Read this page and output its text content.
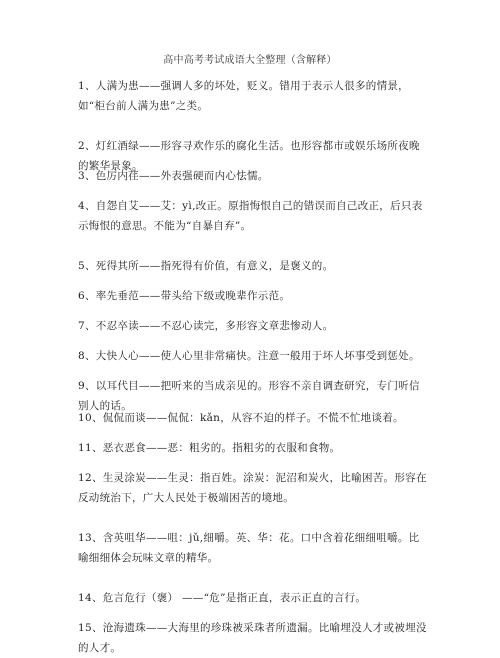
高中高考考试成语大全整理（含解释）

1、人满为患——强调人多的坏处，贬义。错用于表示人很多的情景，如“柜台前人满为患”之类。

2、灯红酒绿——形容寻欢作乐的腐化生活。也形容都市或娱乐场所夜晚的繁华景象。

3、色厉内荏——外表强硬而内心怯懦。

4、自怨自艾——艾：yì,改正。原指悔恨自己的错误而自己改正，后只表示悔恨的意思。不能为“自暴自弃”。

5、死得其所——指死得有价值，有意义，是褒义的。

6、率先垂范——带头给下级或晚辈作示范。

7、不忍卒读——不忍心读完，多形容文章悲惨动人。

8、大快人心——使人心里非常痛快。注意一般用于坏人坏事受到惩处。

9、以耳代目——把听来的当成亲见的。形容不亲自调查研究，专门听信别人的话。

10、侃侃而谈——侃侃：kǎn，从容不迫的样子。不慌不忙地谈着。

11、恶衣恶食——恶：粗劣的。指粗劣的衣服和食物。

12、生灵涂炭——生灵：指百姓。涂炭：泥沼和炭火，比喻困苦。形容在反动统治下，广大人民处于极端困苦的境地。

13、含英咀华——咀：jǔ,细嚼。英、华：花。口中含着花细细咀嚼。比喻细细体会玩味文章的精华。

14、危言危行（褒） ——“危”是指正直，表示正直的言行。

15、沧海遗珠——大海里的珍珠被采珠者所遗漏。比喻埋没人才或被埋没的人才。
